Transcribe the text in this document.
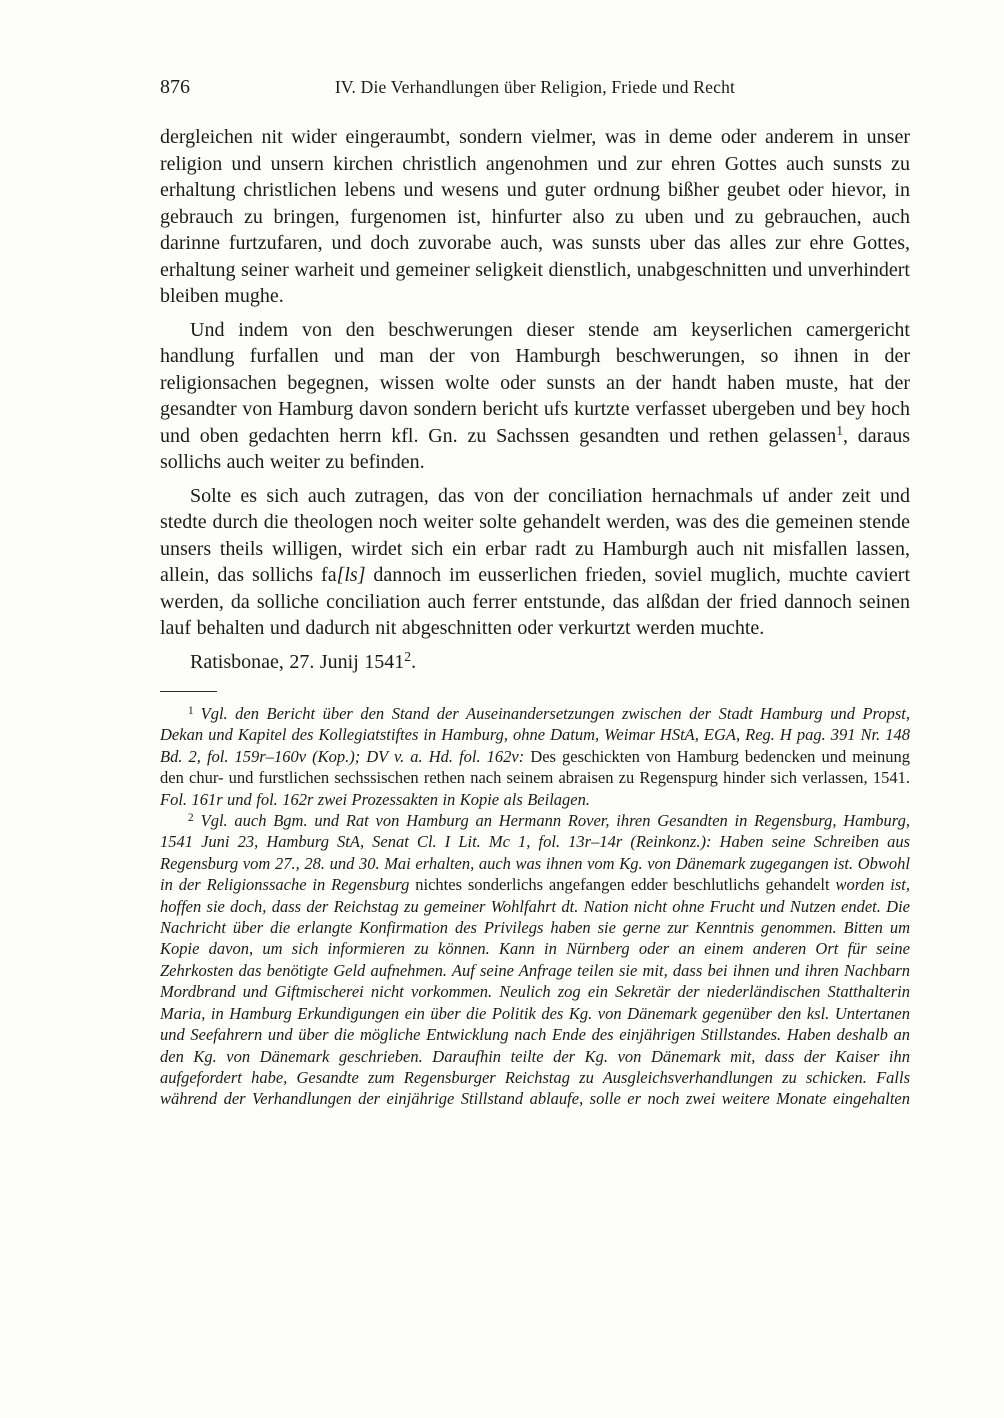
876	IV. Die Verhandlungen über Religion, Friede und Recht

dergleichen nit wider eingeraumbt, sondern vielmer, was in deme oder anderem in unser religion und unsern kirchen christlich angenohmen und zur ehren Gottes auch sunsts zu erhaltung christlichen lebens und wesens und guter ordnung bißher geubet oder hievor, in gebrauch zu bringen, furgenomen ist, hinfurter also zu uben und zu gebrauchen, auch darinne furtzufaren, und doch zuvorabe auch, was sunsts uber das alles zur ehre Gottes, erhaltung seiner warheit und gemeiner seligkeit dienstlich, unabgeschnitten und unverhindert bleiben mughe.

Und indem von den beschwerungen dieser stende am keyserlichen camergericht handlung furfallen und man der von Hamburgh beschwerungen, so ihnen in der religionsachen begegnen, wissen wolte oder sunsts an der handt haben muste, hat der gesandter von Hamburg davon sondern bericht ufs kurtzte verfasset ubergeben und bey hoch und oben gedachten herrn kfl. Gn. zu Sachssen gesandten und rethen gelassen$^1$, daraus sollichs auch weiter zu befinden.

Solte es sich auch zutragen, das von der conciliation hernachmals uf ander zeit und stedte durch die theologen noch weiter solte gehandelt werden, was des die gemeinen stende unsers theils willigen, wirdet sich ein erbar radt zu Hamburgh auch nit misfallen lassen, allein, das sollichs fa[ls] dannoch im eusserlichen frieden, soviel muglich, muchte caviert werden, da solliche conciliation auch ferrer entstunde, das alßdan der fried dannoch seinen lauf behalten und dadurch nit abgeschnitten oder verkurtzt werden muchte.

Ratisbonae, 27. Junij 1541$^2$.

$^1$ Vgl. den Bericht über den Stand der Auseinandersetzungen zwischen der Stadt Hamburg und Propst, Dekan und Kapitel des Kollegiatstiftes in Hamburg, ohne Datum, Weimar HStA, EGA, Reg. H pag. 391 Nr. 148 Bd. 2, fol. 159r–160v (Kop.); DV v. a. Hd. fol. 162v: Des geschickten von Hamburg bedencken und meinung den chur- und furstlichen sechssischen rethen nach seinem abraisen zu Regenspurg hinder sich verlassen, 1541. Fol. 161r und fol. 162r zwei Prozessakten in Kopie als Beilagen.

$^2$ Vgl. auch Bgm. und Rat von Hamburg an Hermann Rover, ihren Gesandten in Regensburg, Hamburg, 1541 Juni 23, Hamburg StA, Senat Cl. I Lit. Mc 1, fol. 13r–14r (Reinkonz.): Haben seine Schreiben aus Regensburg vom 27., 28. und 30. Mai erhalten, auch was ihnen vom Kg. von Dänemark zugegangen ist. Obwohl in der Religionssache in Regensburg nichtes sonderlichs angefangen edder beschlutlichs gehandelt worden ist, hoffen sie doch, dass der Reichstag zu gemeiner Wohlfahrt dt. Nation nicht ohne Frucht und Nutzen endet. Die Nachricht über die erlangte Konfirmation des Privilegs haben sie gerne zur Kenntnis genommen. Bitten um Kopie davon, um sich informieren zu können. Kann in Nürnberg oder an einem anderen Ort für seine Zehrkosten das benötigte Geld aufnehmen. Auf seine Anfrage teilen sie mit, dass bei ihnen und ihren Nachbarn Mordbrand und Giftmischerei nicht vorkommen. Neulich zog ein Sekretär der niederländischen Statthalterin Maria, in Hamburg Erkundigungen ein über die Politik des Kg. von Dänemark gegenüber den ksl. Untertanen und Seefahrern und über die mögliche Entwicklung nach Ende des einjährigen Stillstandes. Haben deshalb an den Kg. von Dänemark geschrieben. Daraufhin teilte der Kg. von Dänemark mit, dass der Kaiser ihn aufgefordert habe, Gesandte zum Regensburger Reichstag zu Ausgleichsverhandlungen zu schicken. Falls während der Verhandlungen der einjährige Stillstand ablaufe, solle er noch zwei weitere Monate eingehalten
